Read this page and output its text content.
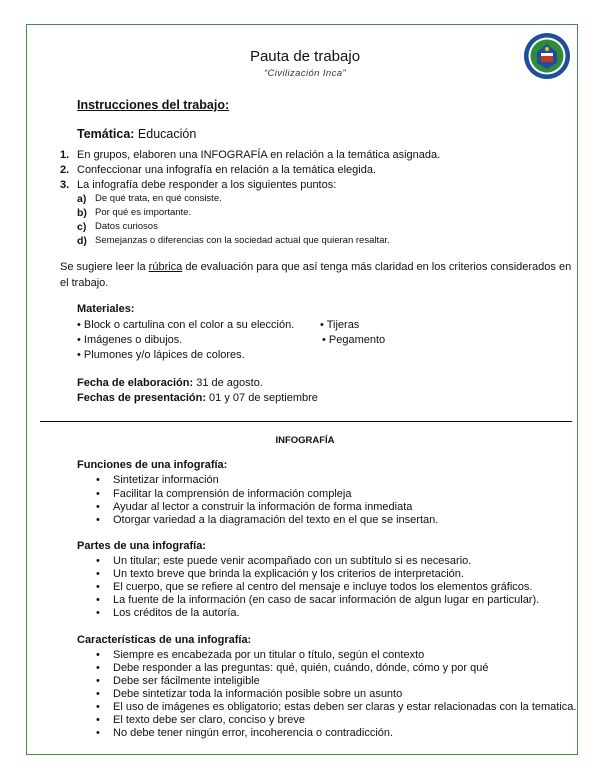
Pauta de trabajo
“Civilización Inca”
Instrucciones del trabajo:
Temática: Educación
1. En grupos, elaboren una INFOGRAFÍA en relación a la temática asignada.
2. Confeccionar una infografía en relación a la temática elegida.
3. La infografía debe responder a los siguientes puntos:
a) De qué trata, en qué consiste.
b) Por qué es importante.
c) Datos curiosos
d) Semejanzas o diferencias con la sociedad actual que quieran resaltar.
Se sugiere leer la rúbrica de evaluación para que así tenga más claridad en los criterios considerados en el trabajo.
Materiales:
• Block o cartulina con el color a su elección.
• Imágenes o dibujos.
• Plumones y/o lápices de colores.
• Tijeras
• Pegamento
Fecha de elaboración: 31 de agosto.
Fechas de presentación: 01 y 07 de septiembre
INFOGRAFÍA
Funciones de una infografía:
• Sintetizar información
• Facilitar la comprensión de información compleja
• Ayudar al lector a construir la información de forma inmediata
• Otorgar variedad a la diagramación del texto en el que se insertan.
Partes de una infografía:
• Un titular; este puede venir acompañado con un subtítulo si es necesario.
• Un texto breve que brinda la explicación y los criterios de interpretación.
• El cuerpo, que se refiere al centro del mensaje e incluye todos los elementos gráficos.
• La fuente de la información (en caso de sacar información de algun lugar en particular).
• Los créditos de la autoría.
Características de una infografía:
• Siempre es encabezada por un titular o título, según el contexto
• Debe responder a las preguntas: qué, quién, cuándo, dónde, cómo y por qué
• Debe ser fácilmente inteligible
• Debe sintetizar toda la información posible sobre un asunto
• El uso de imágenes es obligatorio; estas deben ser claras y estar relacionadas con la tematica.
• El texto debe ser claro, conciso y breve
• No debe tener ningún error, incoherencia o contradicción.
